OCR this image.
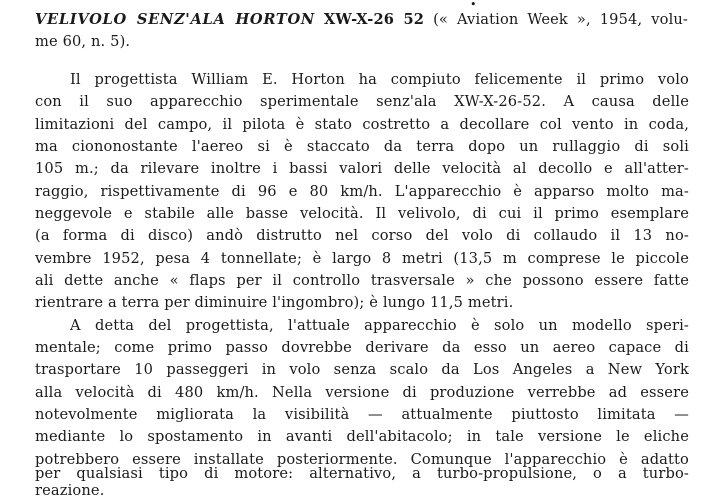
•
VELIVOLO SENZ'ALA HORTON XW-X-26 52 (« Aviation Week », 1954, volu-
me 60, n. 5).
Il progettista William E. Horton ha compiuto felicemente il primo volo
con il suo apparecchio sperimentale senz'ala XW-X-26-52. A causa delle
limitazioni del campo, il pilota è stato costretto a decollare col vento in coda,
ma ciononostante l'aereo si è staccato da terra dopo un rullaggio di soli
105 m.; da rilevare inoltre i bassi valori delle velocità al decollo e all'atter-
raggio, rispettivamente di 96 e 80 km/h. L'apparecchio è apparso molto ma-
neggevole e stabile alle basse velocità. Il velivolo, di cui il primo esemplare
(a forma di disco) andò distrutto nel corso del volo di collaudo il 13 no-
vembre 1952, pesa 4 tonnellate; è largo 8 metri (13,5 m comprese le piccole
ali dette anche « flaps per il controllo trasversale » che possono essere fatte
rientrare a terra per diminuire l'ingombro); è lungo 11,5 metri.
A detta del progettista, l'attuale apparecchio è solo un modello speri-
mentale; come primo passo dovrebbe derivare da esso un aereo capace di
trasportare 10 passeggeri in volo senza scalo da Los Angeles a New York
alla velocità di 480 km/h. Nella versione di produzione verrebbe ad essere
notevolmente migliorata la visibilità — attualmente piuttosto limitata —
mediante lo spostamento in avanti dell'abitacolo; in tale versione le eliche
potrebbero essere installate posteriormente. Comunque l'apparecchio è adatto
per qualsiasi tipo di motore: alternativo, a turbo-propulsione, o a turbo-
reazione.
